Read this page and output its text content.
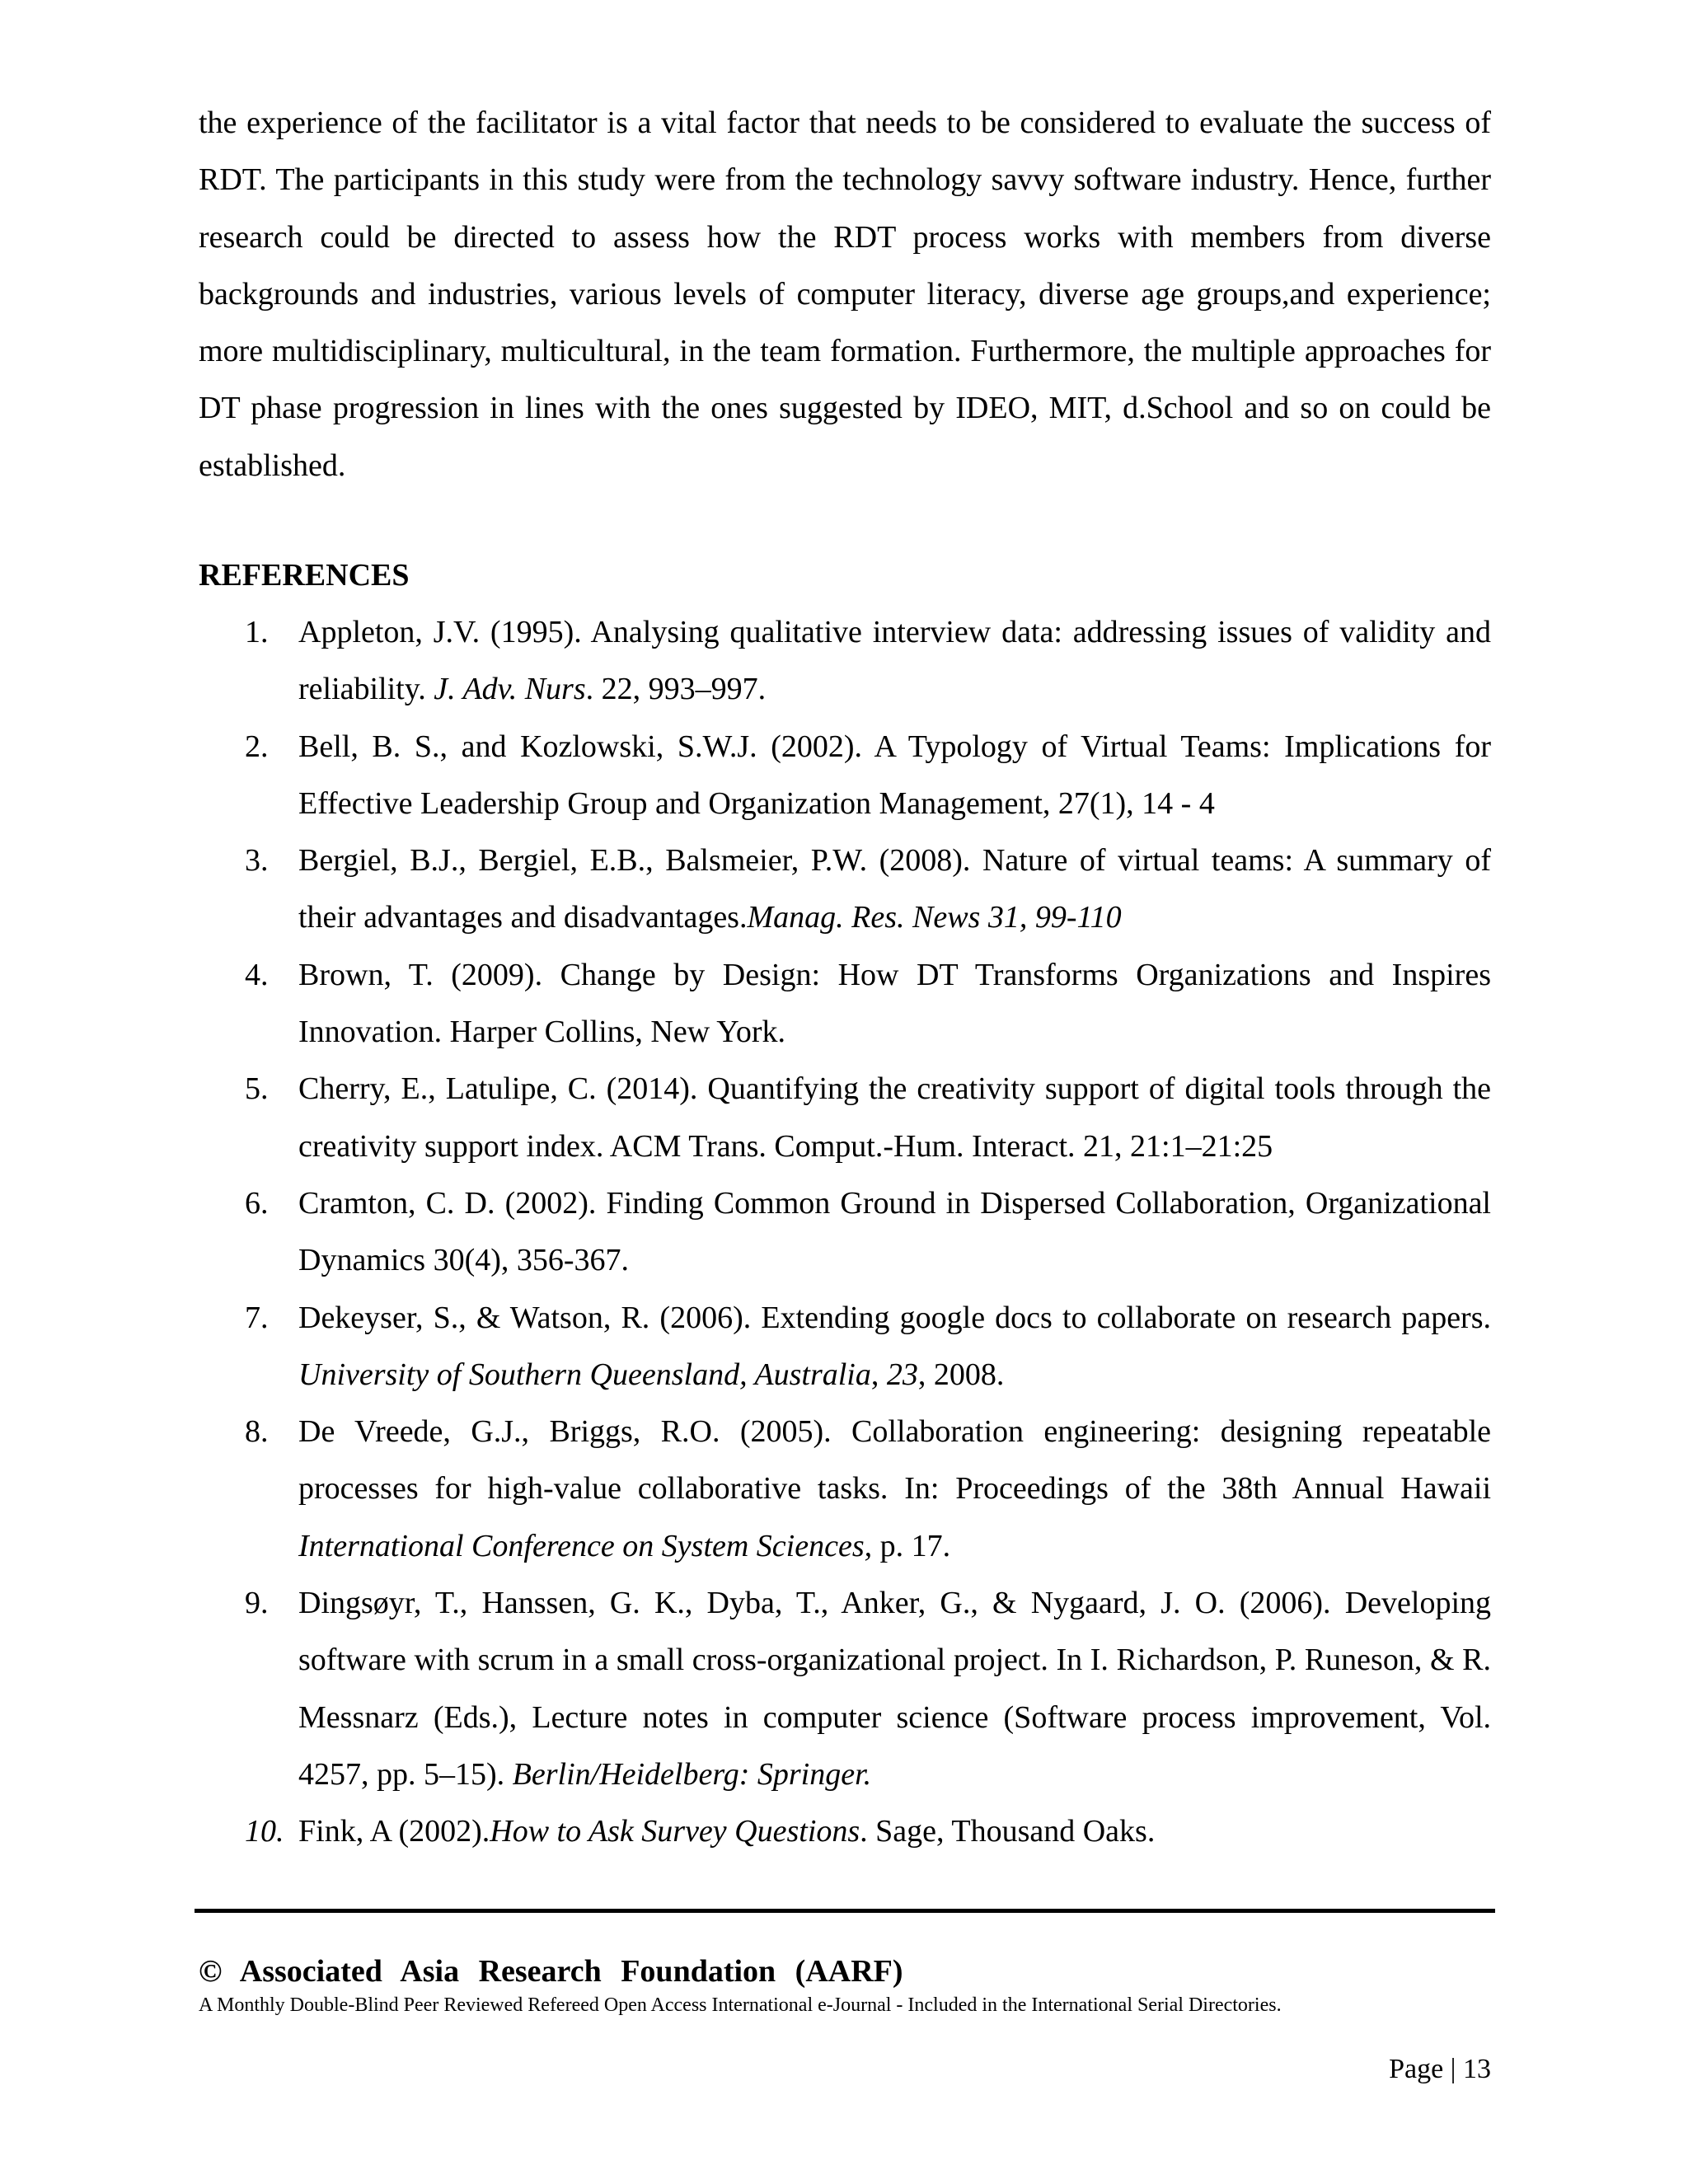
the experience of the facilitator is a vital factor that needs to be considered to evaluate the success of RDT. The participants in this study were from the technology savvy software industry. Hence, further research could be directed to assess how the RDT process works with members from diverse backgrounds and industries, various levels of computer literacy, diverse age groups,and experience; more multidisciplinary, multicultural, in the team formation. Furthermore, the multiple approaches for DT phase progression in lines with the ones suggested by IDEO, MIT, d.School and so on could be established.

REFERENCES
1. Appleton, J.V. (1995). Analysing qualitative interview data: addressing issues of validity and reliability. J. Adv. Nurs. 22, 993–997.
2. Bell, B. S., and Kozlowski, S.W.J. (2002). A Typology of Virtual Teams: Implications for Effective Leadership Group and Organization Management, 27(1), 14 - 4
3. Bergiel, B.J., Bergiel, E.B., Balsmeier, P.W. (2008). Nature of virtual teams: A summary of their advantages and disadvantages.Manag. Res. News 31, 99-110
4. Brown, T. (2009). Change by Design: How DT Transforms Organizations and Inspires Innovation. Harper Collins, New York.
5. Cherry, E., Latulipe, C. (2014). Quantifying the creativity support of digital tools through the creativity support index. ACM Trans. Comput.-Hum. Interact. 21, 21:1–21:25
6. Cramton, C. D. (2002). Finding Common Ground in Dispersed Collaboration, Organizational Dynamics 30(4), 356-367.
7. Dekeyser, S., & Watson, R. (2006). Extending google docs to collaborate on research papers. University of Southern Queensland, Australia, 23, 2008.
8. De Vreede, G.J., Briggs, R.O. (2005). Collaboration engineering: designing repeatable processes for high-value collaborative tasks. In: Proceedings of the 38th Annual Hawaii International Conference on System Sciences, p. 17.
9. Dingsøyr, T., Hanssen, G. K., Dyba, T., Anker, G., & Nygaard, J. O. (2006). Developing software with scrum in a small cross-organizational project. In I. Richardson, P. Runeson, & R. Messnarz (Eds.), Lecture notes in computer science (Software process improvement, Vol. 4257, pp. 5–15). Berlin/Heidelberg: Springer.
10. Fink, A (2002).How to Ask Survey Questions. Sage, Thousand Oaks.

© Associated Asia Research Foundation (AARF)

A Monthly Double-Blind Peer Reviewed Refereed Open Access International e-Journal - Included in the International Serial Directories.

Page | 13
